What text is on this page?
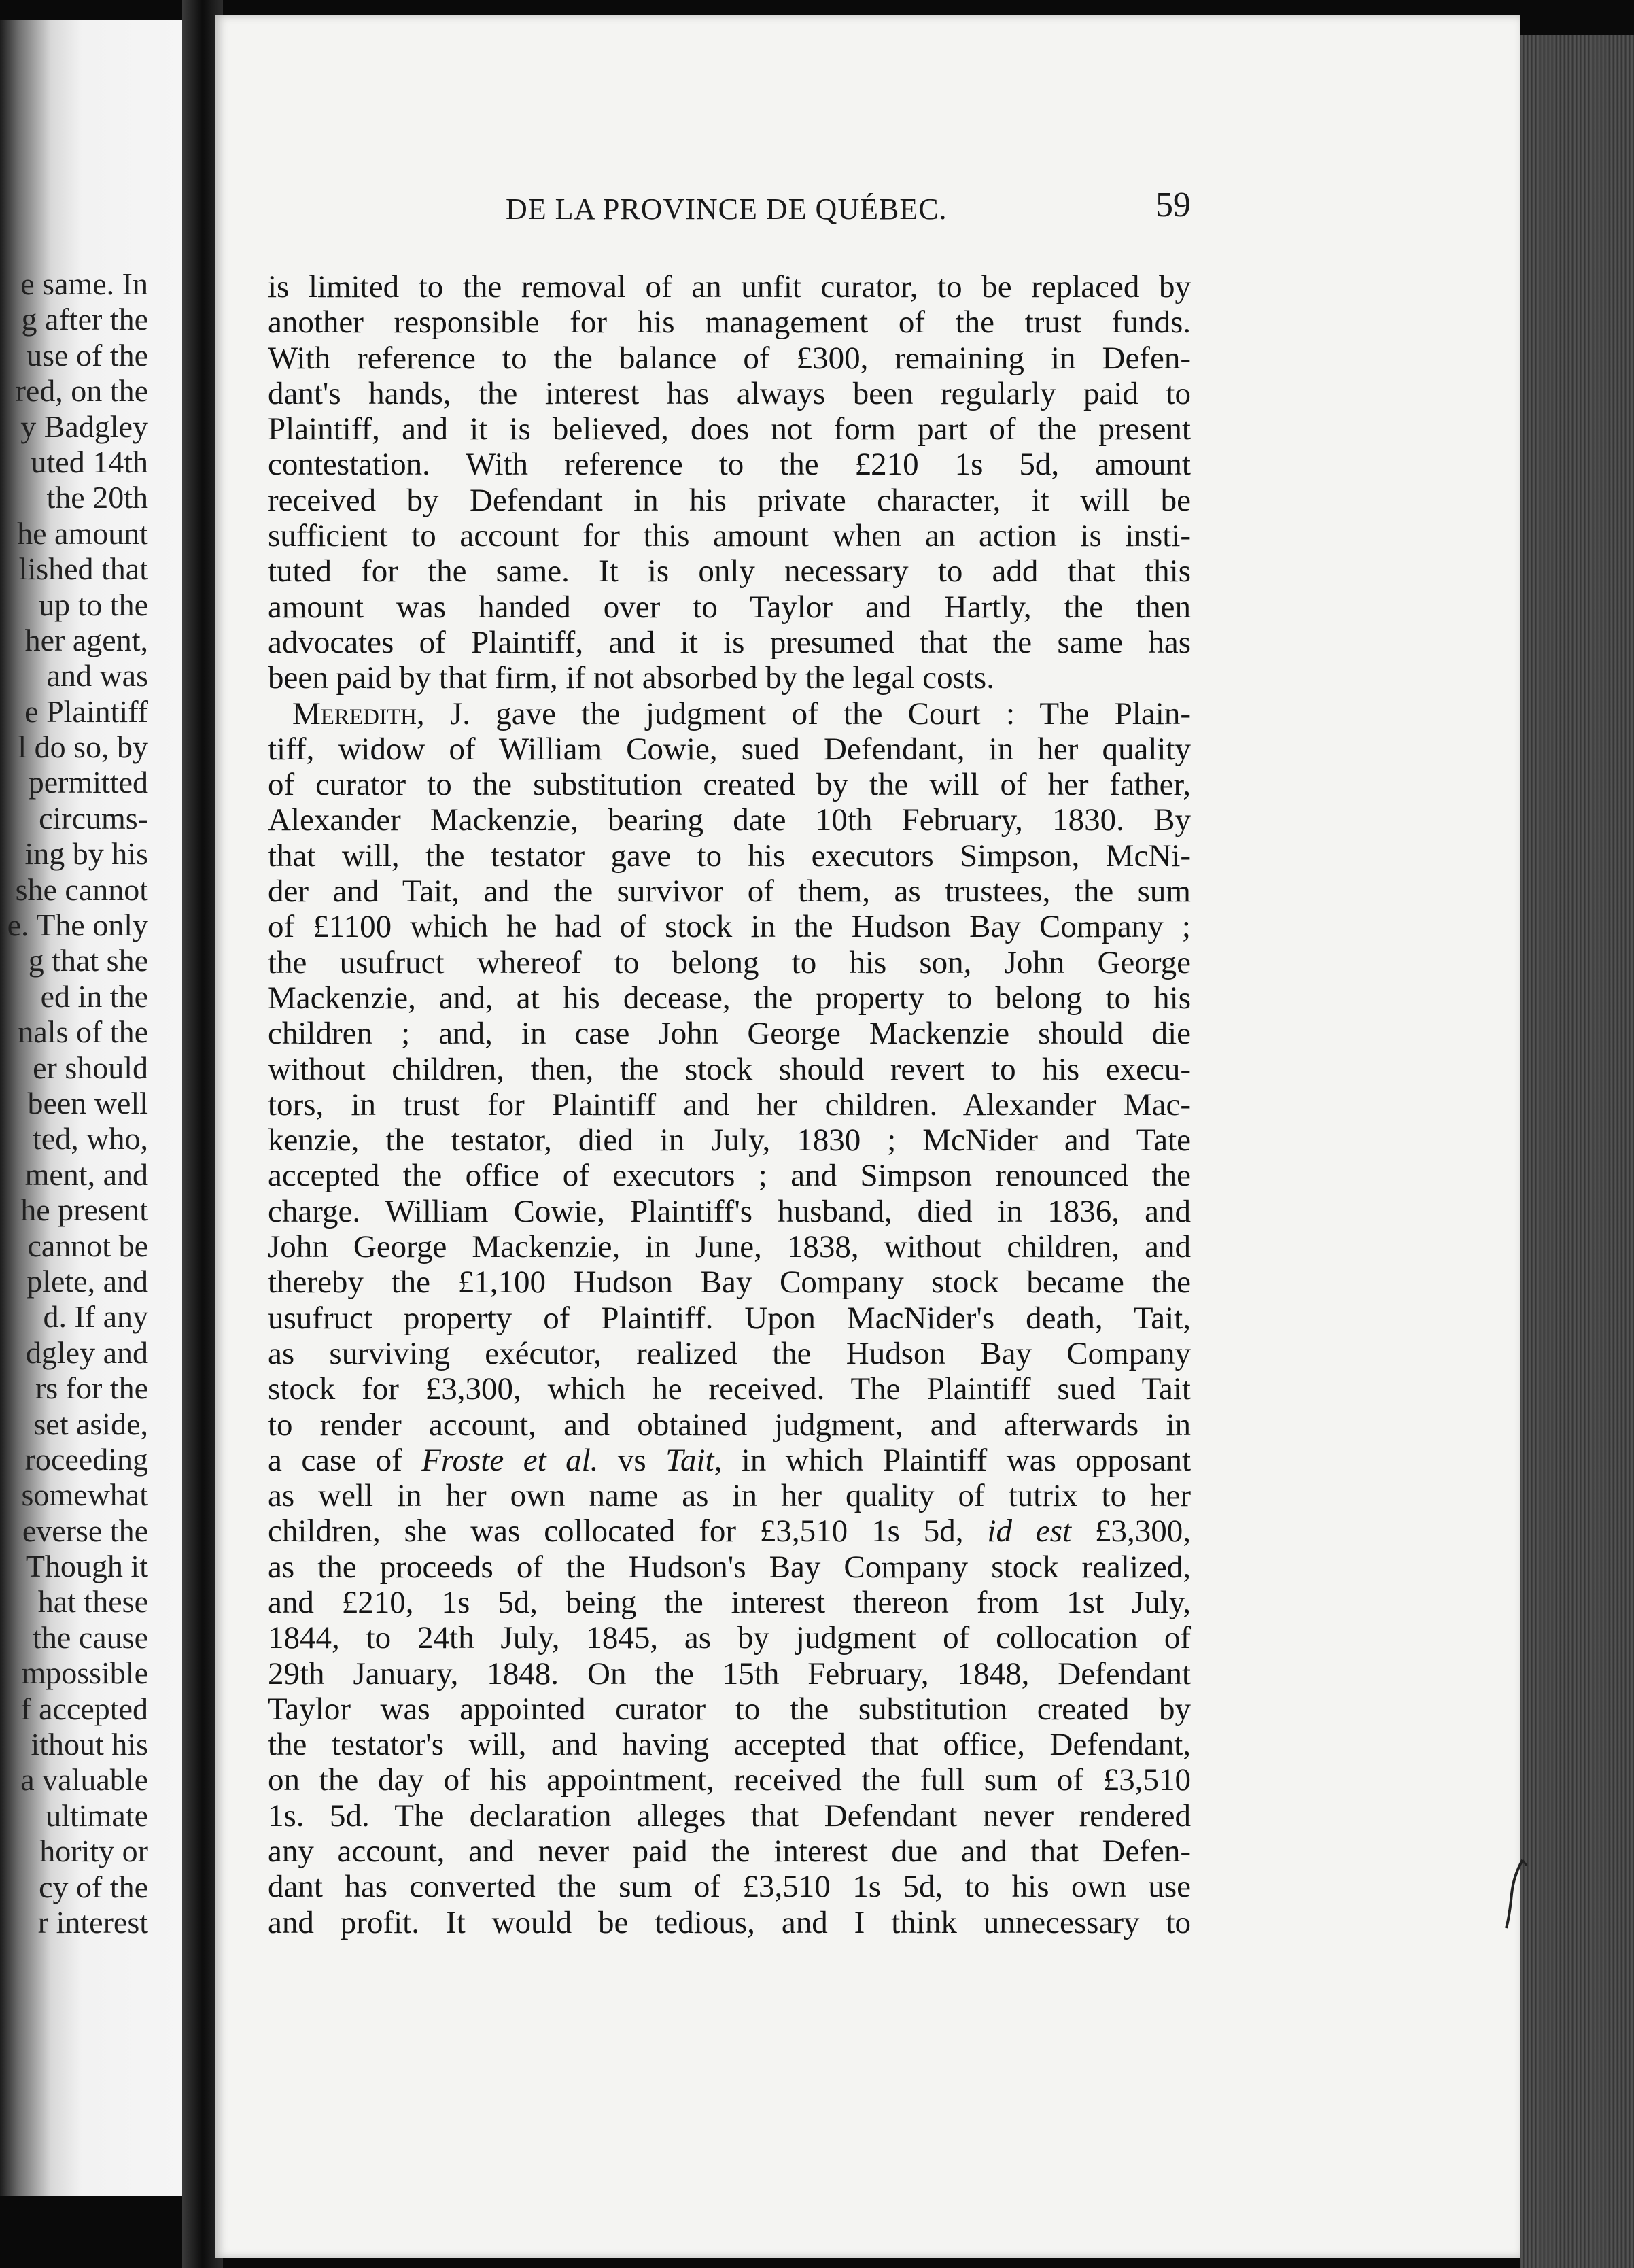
e same. In
g after the
use of the
red, on the
y Badgley
uted 14th
the 20th
he amount
lished that
up to the
her agent,
and was
e Plaintiff
l do so, by
permitted
circums-
ing by his
she cannot
e. The only
g that she
ed in the
nals of the
er should
been well
ted, who,
ment, and
he present
cannot be
plete, and
d. If any
dgley and
rs for the
set aside,
roceeding
somewhat
everse the
Though it
hat these
the cause
mpossible
f accepted
ithout his
a valuable
ultimate
hority or
cy of the
r interest
DE LA PROVINCE DE QUÉBEC.	59
is limited to the removal of an unfit curator, to be replaced by
another responsible for his management of the trust funds.
With reference to the balance of £300, remaining in Defen-
dant's hands, the interest has always been regularly paid to
Plaintiff, and it is believed, does not form part of the present
contestation. With reference to the £210 1s 5d, amount
received by Defendant in his private character, it will be
sufficient to account for this amount when an action is insti-
tuted for the same. It is only necessary to add that this
amount was handed over to Taylor and Hartly, the then
advocates of Plaintiff, and it is presumed that the same has
been paid by that firm, if not absorbed by the legal costs.
Meredith, J. gave the judgment of the Court : The Plain-
tiff, widow of William Cowie, sued Defendant, in her quality
of curator to the substitution created by the will of her father,
Alexander Mackenzie, bearing date 10th February, 1830. By
that will, the testator gave to his executors Simpson, McNi-
der and Tait, and the survivor of them, as trustees, the sum
of £1100 which he had of stock in the Hudson Bay Company ;
the usufruct whereof to belong to his son, John George
Mackenzie, and, at his decease, the property to belong to his
children ; and, in case John George Mackenzie should die
without children, then, the stock should revert to his execu-
tors, in trust for Plaintiff and her children. Alexander Mac-
kenzie, the testator, died in July, 1830 ; McNider and Tate
accepted the office of executors ; and Simpson renounced the
charge. William Cowie, Plaintiff's husband, died in 1836, and
John George Mackenzie, in June, 1838, without children, and
thereby the £1,100 Hudson Bay Company stock became the
usufruct property of Plaintiff. Upon MacNider's death, Tait,
as surviving exécutor, realized the Hudson Bay Company
stock for £3,300, which he received. The Plaintiff sued Tait
to render account, and obtained judgment, and afterwards in
a case of Froste et al. vs Tait, in which Plaintiff was opposant
as well in her own name as in her quality of tutrix to her
children, she was collocated for £3,510 1s 5d, id est £3,300,
as the proceeds of the Hudson's Bay Company stock realized,
and £210, 1s 5d, being the interest thereon from 1st July,
1844, to 24th July, 1845, as by judgment of collocation of
29th January, 1848. On the 15th February, 1848, Defendant
Taylor was appointed curator to the substitution created by
the testator's will, and having accepted that office, Defendant,
on the day of his appointment, received the full sum of £3,510
1s. 5d. The declaration alleges that Defendant never rendered
any account, and never paid the interest due and that Defen-
dant has converted the sum of £3,510 1s 5d, to his own use
and profit. It would be tedious, and I think unnecessary to
